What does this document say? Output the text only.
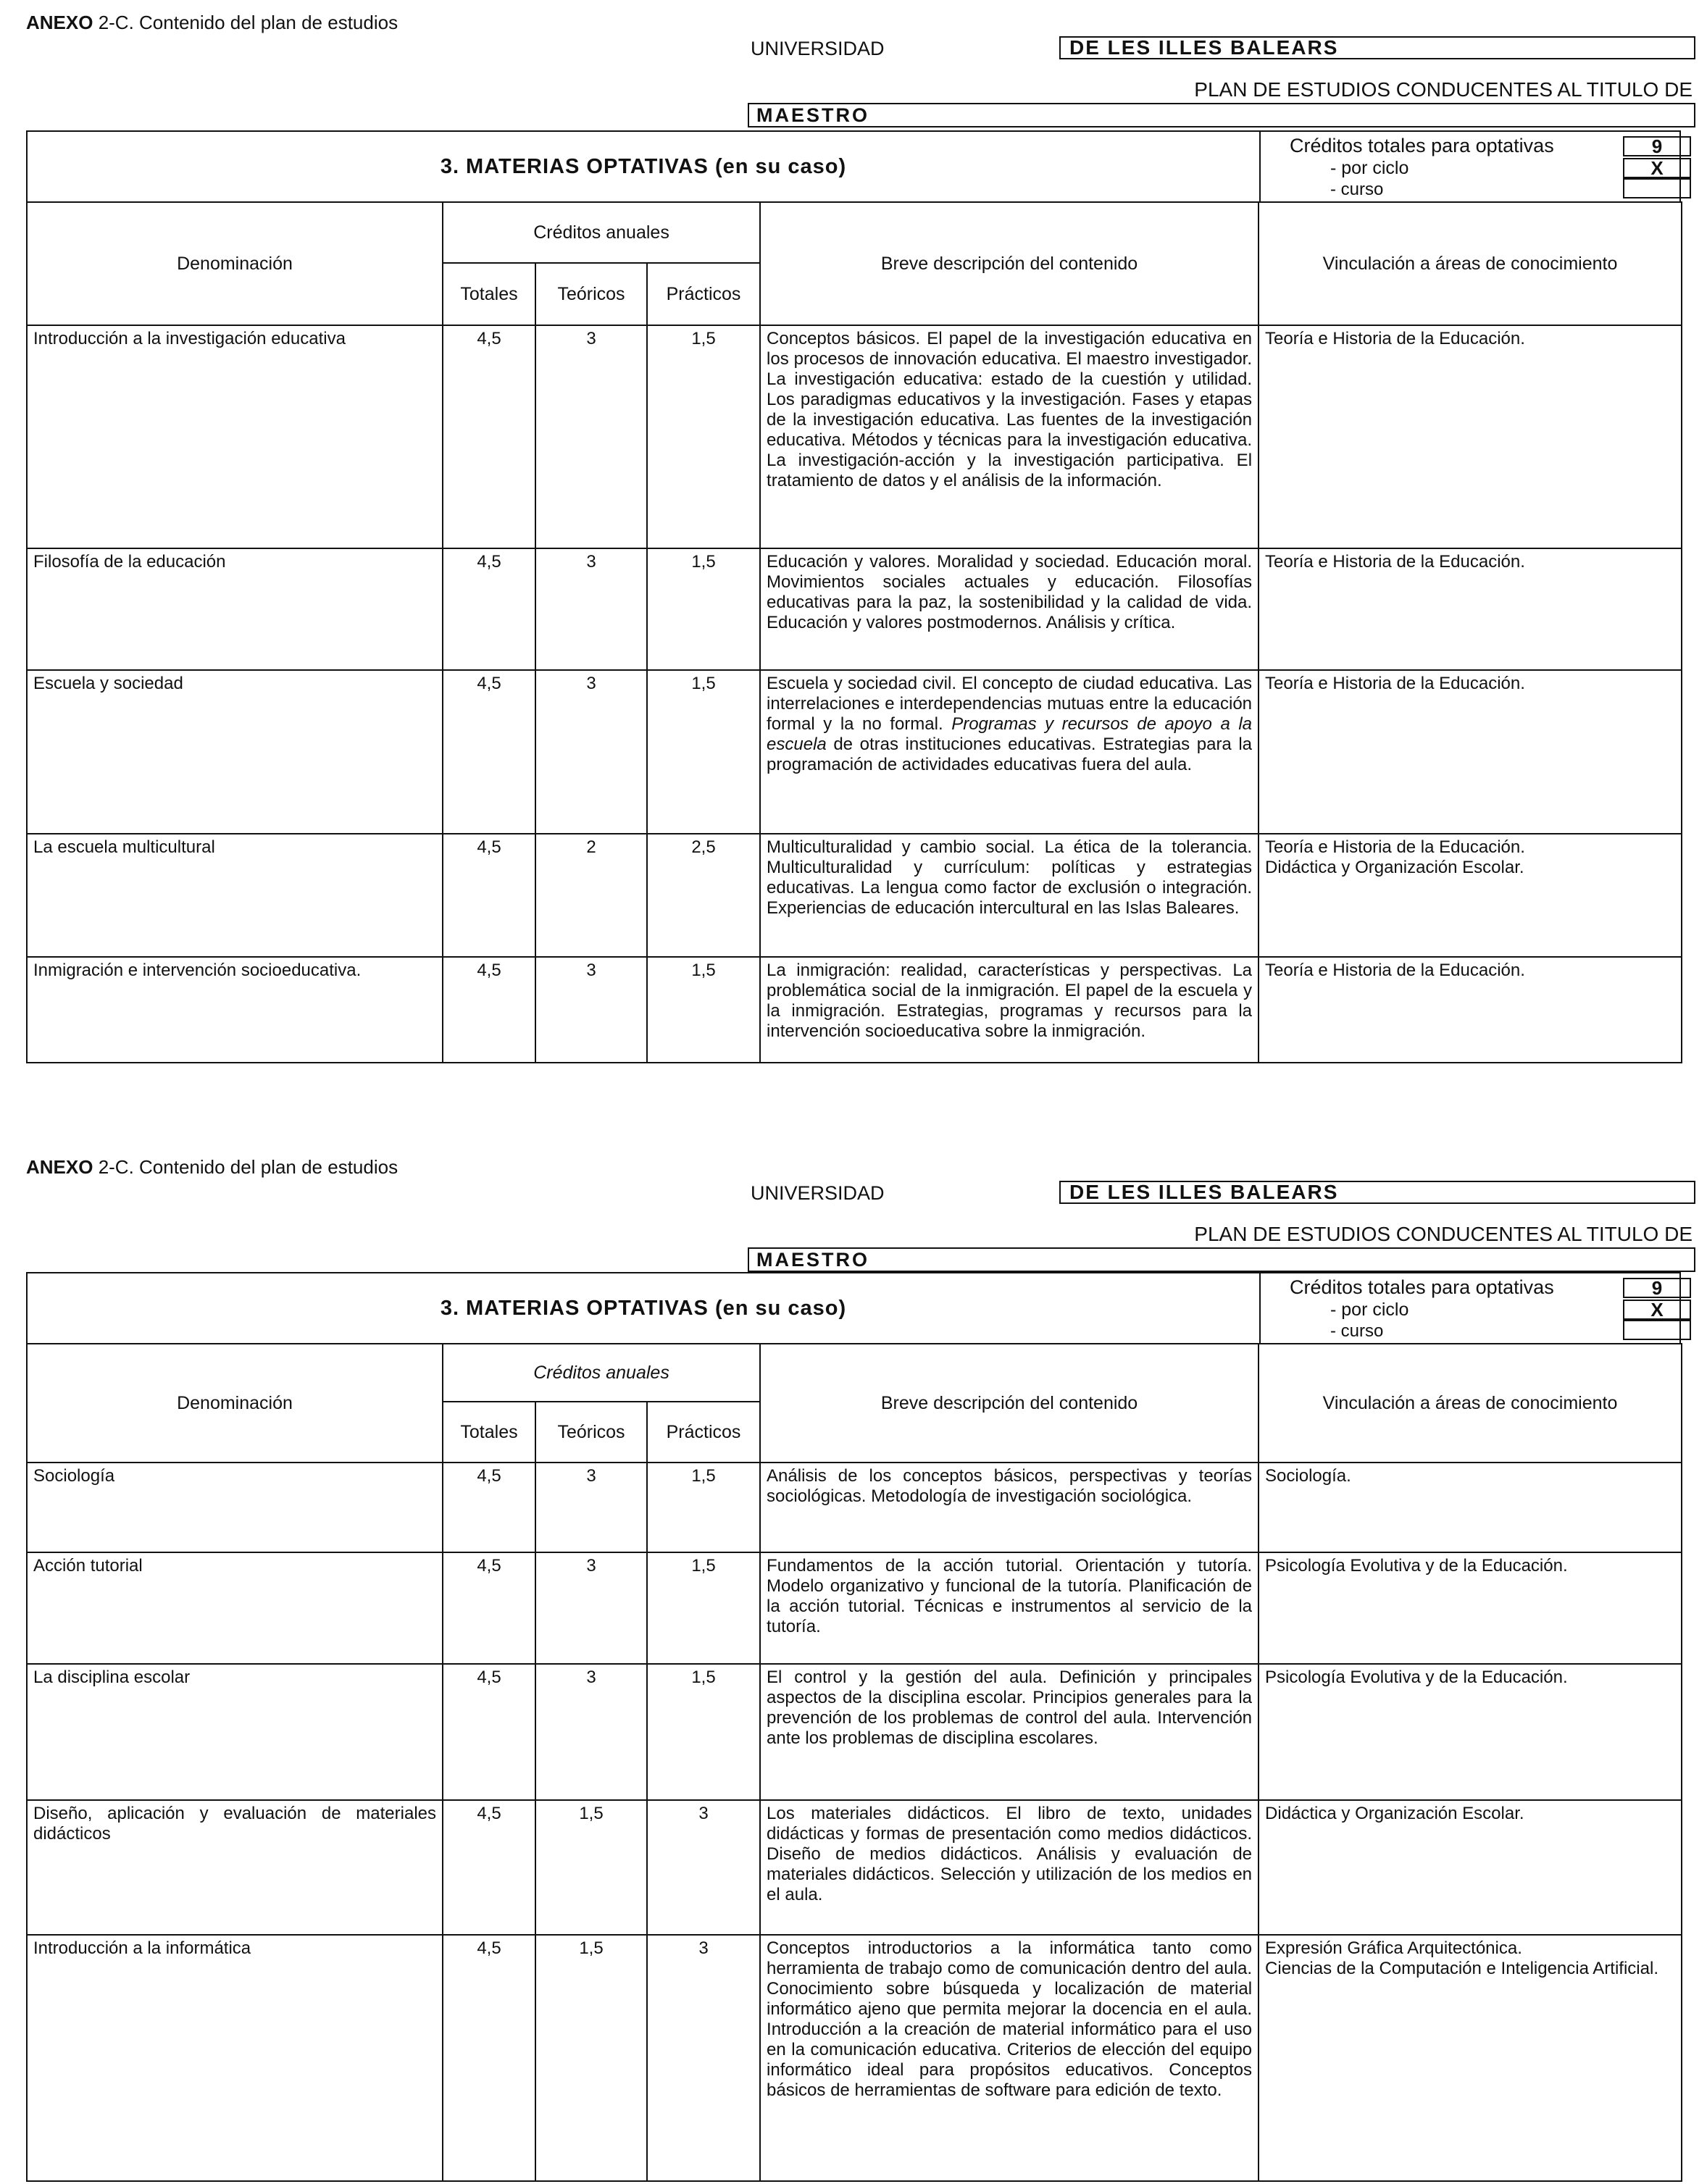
ANEXO 2-C. Contenido del plan de estudios
UNIVERSIDAD	DE LES ILLES BALEARS
PLAN DE ESTUDIOS CONDUCENTES AL TITULO DE
MAESTRO
3. MATERIAS OPTATIVAS (en su caso)
Créditos totales para optativas	9
- por ciclo	X
- curso
Denominación	Créditos anuales			Breve descripción del contenido	Vinculación a áreas de conocimiento
	Totales	Teóricos	Prácticos		
Introducción a la investigación educativa	4,5	3	1,5	Conceptos básicos. El papel de la investigación educativa en los procesos de innovación educativa. El maestro investigador. La investigación educativa: estado de la cuestión y utilidad. Los paradigmas educativos y la investigación. Fases y etapas de la investigación educativa. Las fuentes de la investigación educativa. Métodos y técnicas para la investigación educativa. La investigación-acción y la investigación participativa. El tratamiento de datos y el análisis de la información.	Teoría e Historia de la Educación.
Filosofía de la educación	4,5	3	1,5	Educación y valores. Moralidad y sociedad. Educación moral. Movimientos sociales actuales y educación. Filosofías educativas para la paz, la sostenibilidad y la calidad de vida. Educación y valores postmodernos. Análisis y crítica.	Teoría e Historia de la Educación.
Escuela y sociedad	4,5	3	1,5	Escuela y sociedad civil. El concepto de ciudad educativa. Las interrelaciones e interdependencias mutuas entre la educación formal y la no formal. Programas y recursos de apoyo a la escuela de otras instituciones educativas. Estrategias para la programación de actividades educativas fuera del aula.	Teoría e Historia de la Educación.
La escuela multicultural	4,5	2	2,5	Multiculturalidad y cambio social. La ética de la tolerancia. Multiculturalidad y currículum: políticas y estrategias educativas. La lengua como factor de exclusión o integración. Experiencias de educación intercultural en las Islas Baleares.	Teoría e Historia de la Educación.
Didáctica y Organización Escolar.
Inmigración e intervención socioeducativa.	4,5	3	1,5	La inmigración: realidad, características y perspectivas. La problemática social de la inmigración. El papel de la escuela y la inmigración. Estrategias, programas y recursos para la intervención socioeducativa sobre la inmigración.	Teoría e Historia de la Educación.
ANEXO 2-C. Contenido del plan de estudios
UNIVERSIDAD	DE LES ILLES BALEARS
PLAN DE ESTUDIOS CONDUCENTES AL TITULO DE
MAESTRO
3. MATERIAS OPTATIVAS (en su caso)
Créditos totales para optativas	9
- por ciclo	X
- curso
Denominación	Créditos anuales			Breve descripción del contenido	Vinculación a áreas de conocimiento
	Totales	Teóricos	Prácticos		
Sociología	4,5	3	1,5	Análisis de los conceptos básicos, perspectivas y teorías sociológicas. Metodología de investigación sociológica.	Sociología.
Acción tutorial	4,5	3	1,5	Fundamentos de la acción tutorial. Orientación y tutoría. Modelo organizativo y funcional de la tutoría. Planificación de la acción tutorial. Técnicas e instrumentos al servicio de la tutoría.	Psicología Evolutiva y de la Educación.
La disciplina escolar	4,5	3	1,5	El control y la gestión del aula. Definición y principales aspectos de la disciplina escolar. Principios generales para la prevención de los problemas de control del aula. Intervención ante los problemas de disciplina escolares.	Psicología Evolutiva y de la Educación.
Diseño, aplicación y evaluación de materiales didácticos	4,5	1,5	3	Los materiales didácticos. El libro de texto, unidades didácticas y formas de presentación como medios didácticos. Diseño de medios didácticos. Análisis y evaluación de materiales didácticos. Selección y utilización de los medios en el aula.	Didáctica y Organización Escolar.
Introducción a la informática	4,5	1,5	3	Conceptos introductorios a la informática tanto como herramienta de trabajo como de comunicación dentro del aula. Conocimiento sobre búsqueda y localización de material informático ajeno que permita mejorar la docencia en el aula. Introducción a la creación de material informático para el uso en la comunicación educativa. Criterios de elección del equipo informático ideal para propósitos educativos. Conceptos básicos de herramientas de software para edición de texto.	Expresión Gráfica Arquitectónica.
Ciencias de la Computación e Inteligencia Artificial.
